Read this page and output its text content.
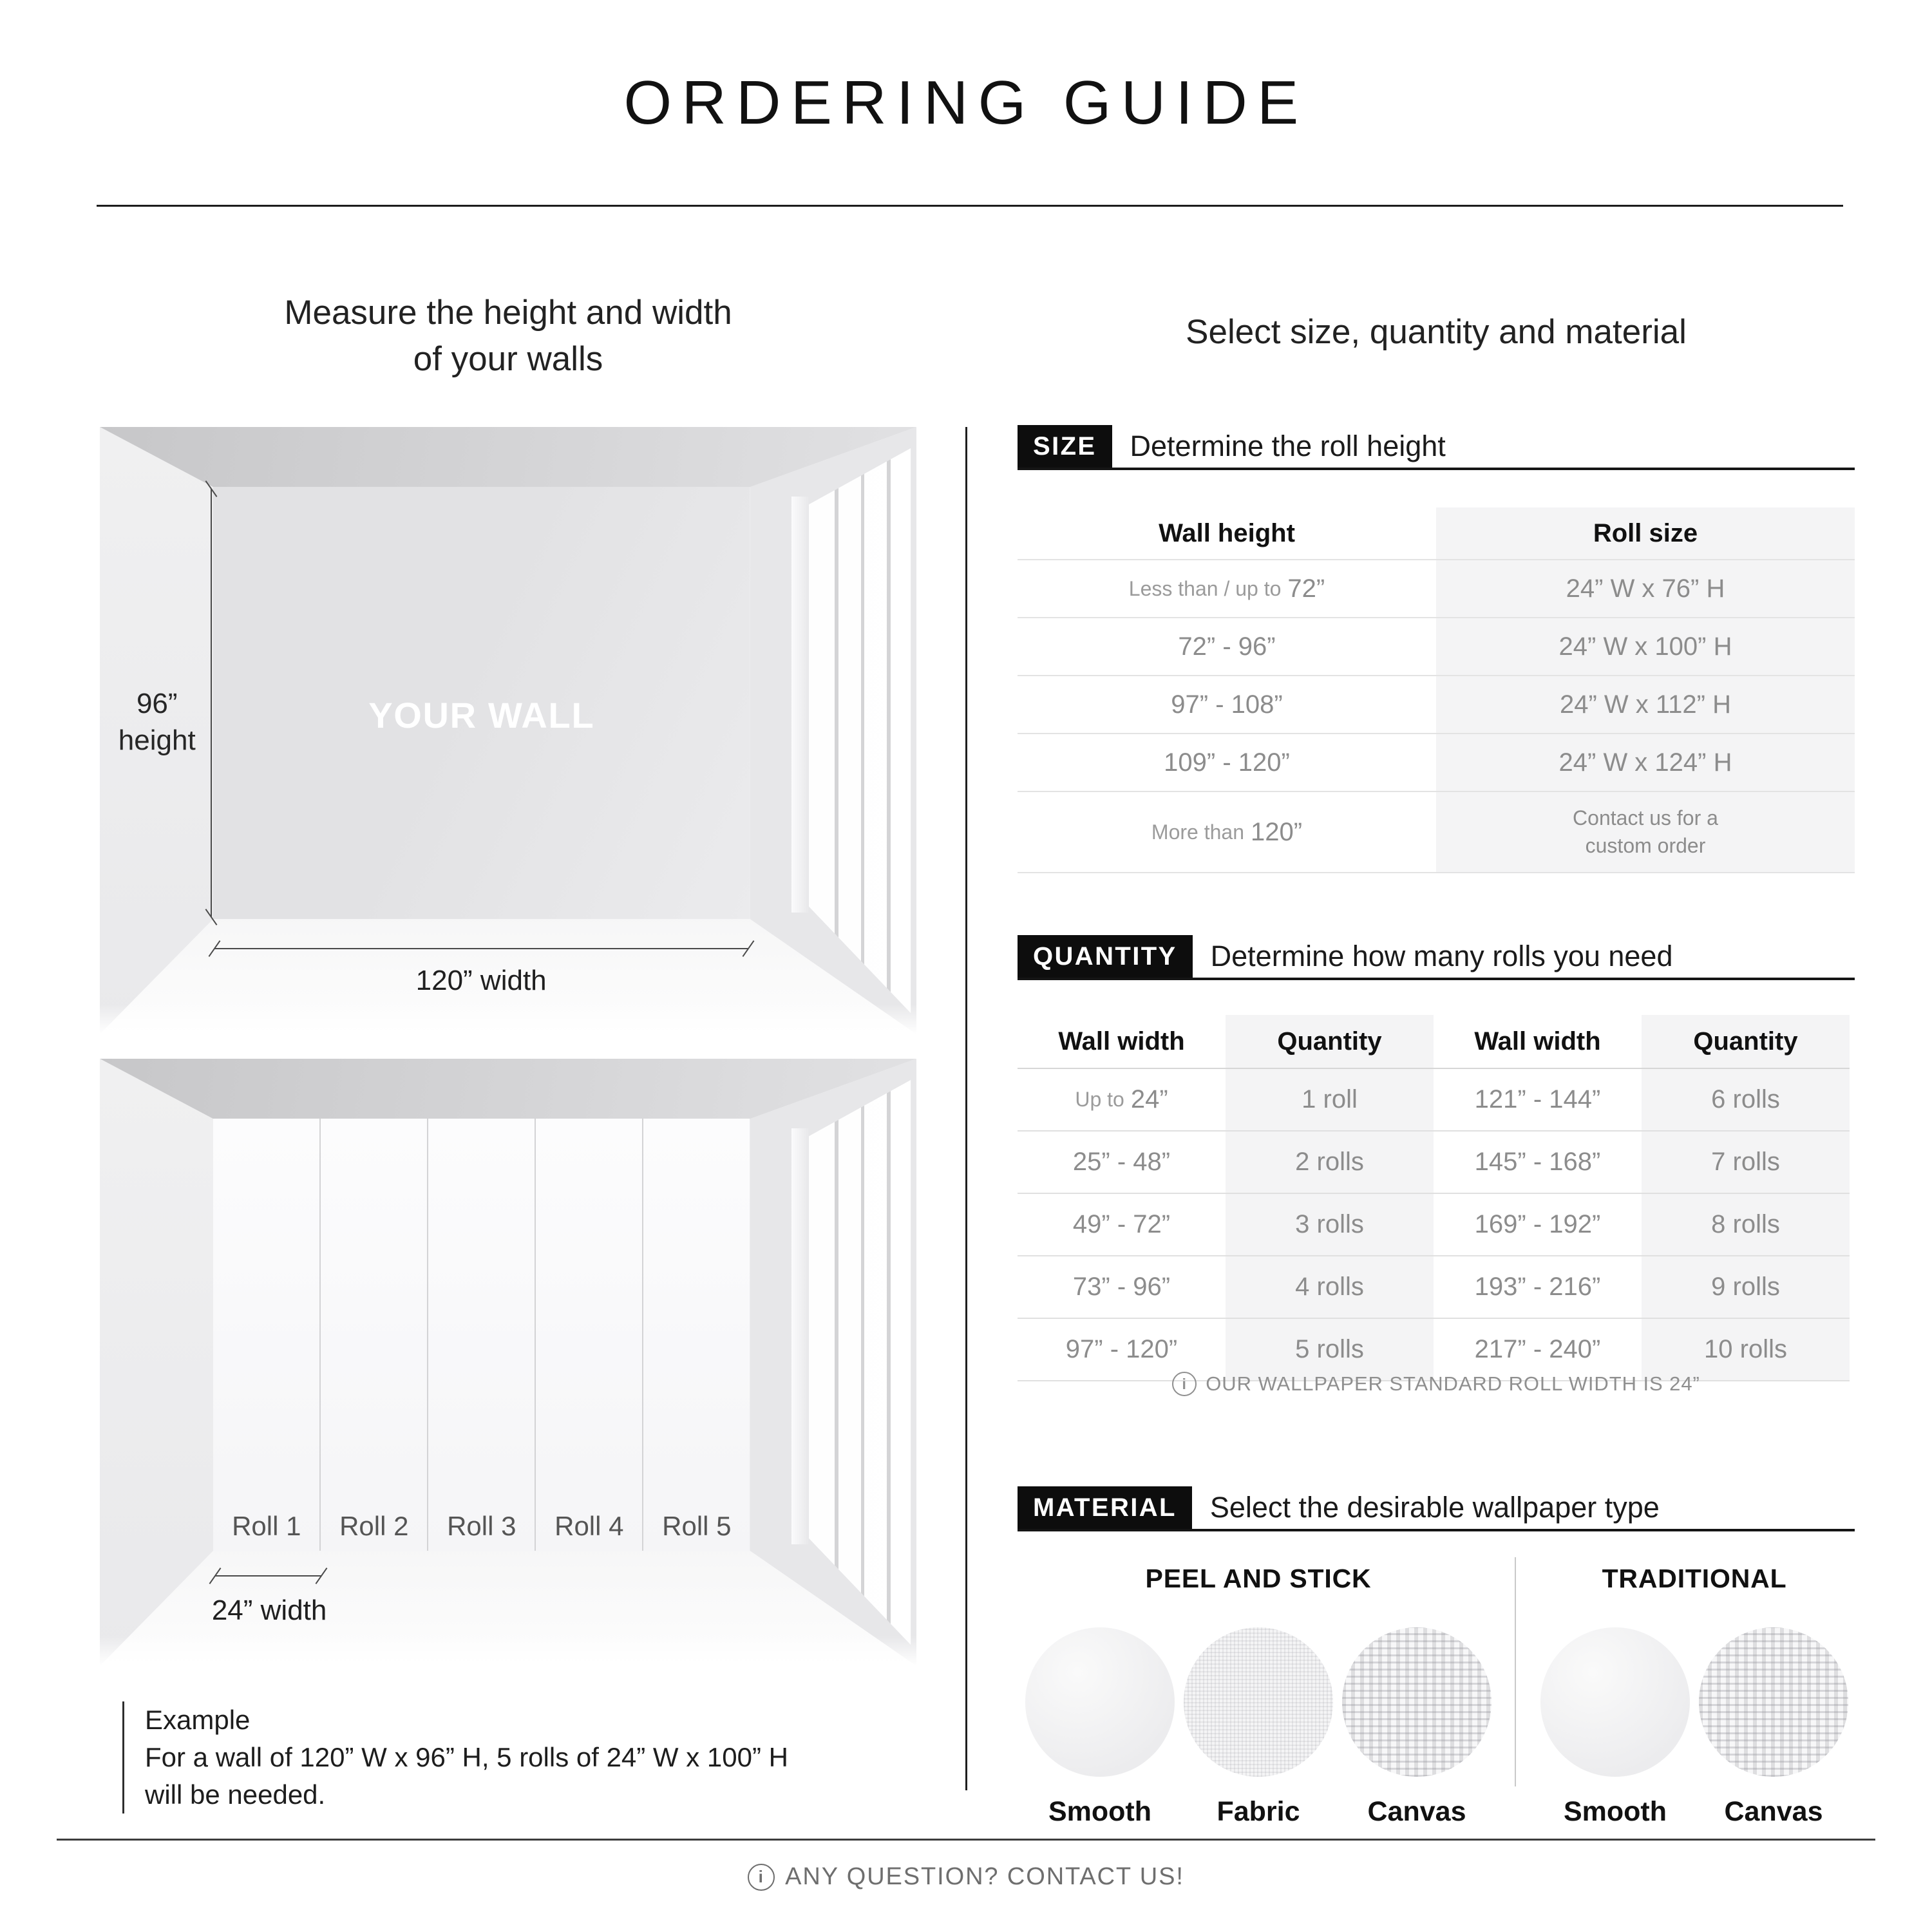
ORDERING GUIDE
Measure the height and width
of your walls
Select size, quantity and material
96”
height
YOUR WALL
120” width
Roll 1	Roll 2	Roll 3	Roll 4	Roll 5
24” width
Example
For a wall of 120” W x 96” H, 5 rolls of 24” W x 100” H
will be needed.
SIZE	Determine the roll height
Wall height	Roll size
Less than / up to 72”	24” W x 76” H
72” - 96”	24” W x 100” H
97” - 108”	24” W x 112” H
109” - 120”	24” W x 124” H
More than 120”	Contact us for a
custom order
QUANTITY	Determine how many rolls you need
Wall width	Quantity	Wall width	Quantity
Up to 24”	1 roll	121” - 144”	6 rolls
25” - 48”	2 rolls	145” - 168”	7 rolls
49” - 72”	3 rolls	169” - 192”	8 rolls
73” - 96”	4 rolls	193” - 216”	9 rolls
97” - 120”	5 rolls	217” - 240”	10 rolls
i OUR WALLPAPER STANDARD ROLL WIDTH IS 24”
MATERIAL	Select the desirable wallpaper type
PEEL AND STICK
Smooth Fabric Canvas
TRADITIONAL
Smooth Canvas
i ANY QUESTION? CONTACT US!
